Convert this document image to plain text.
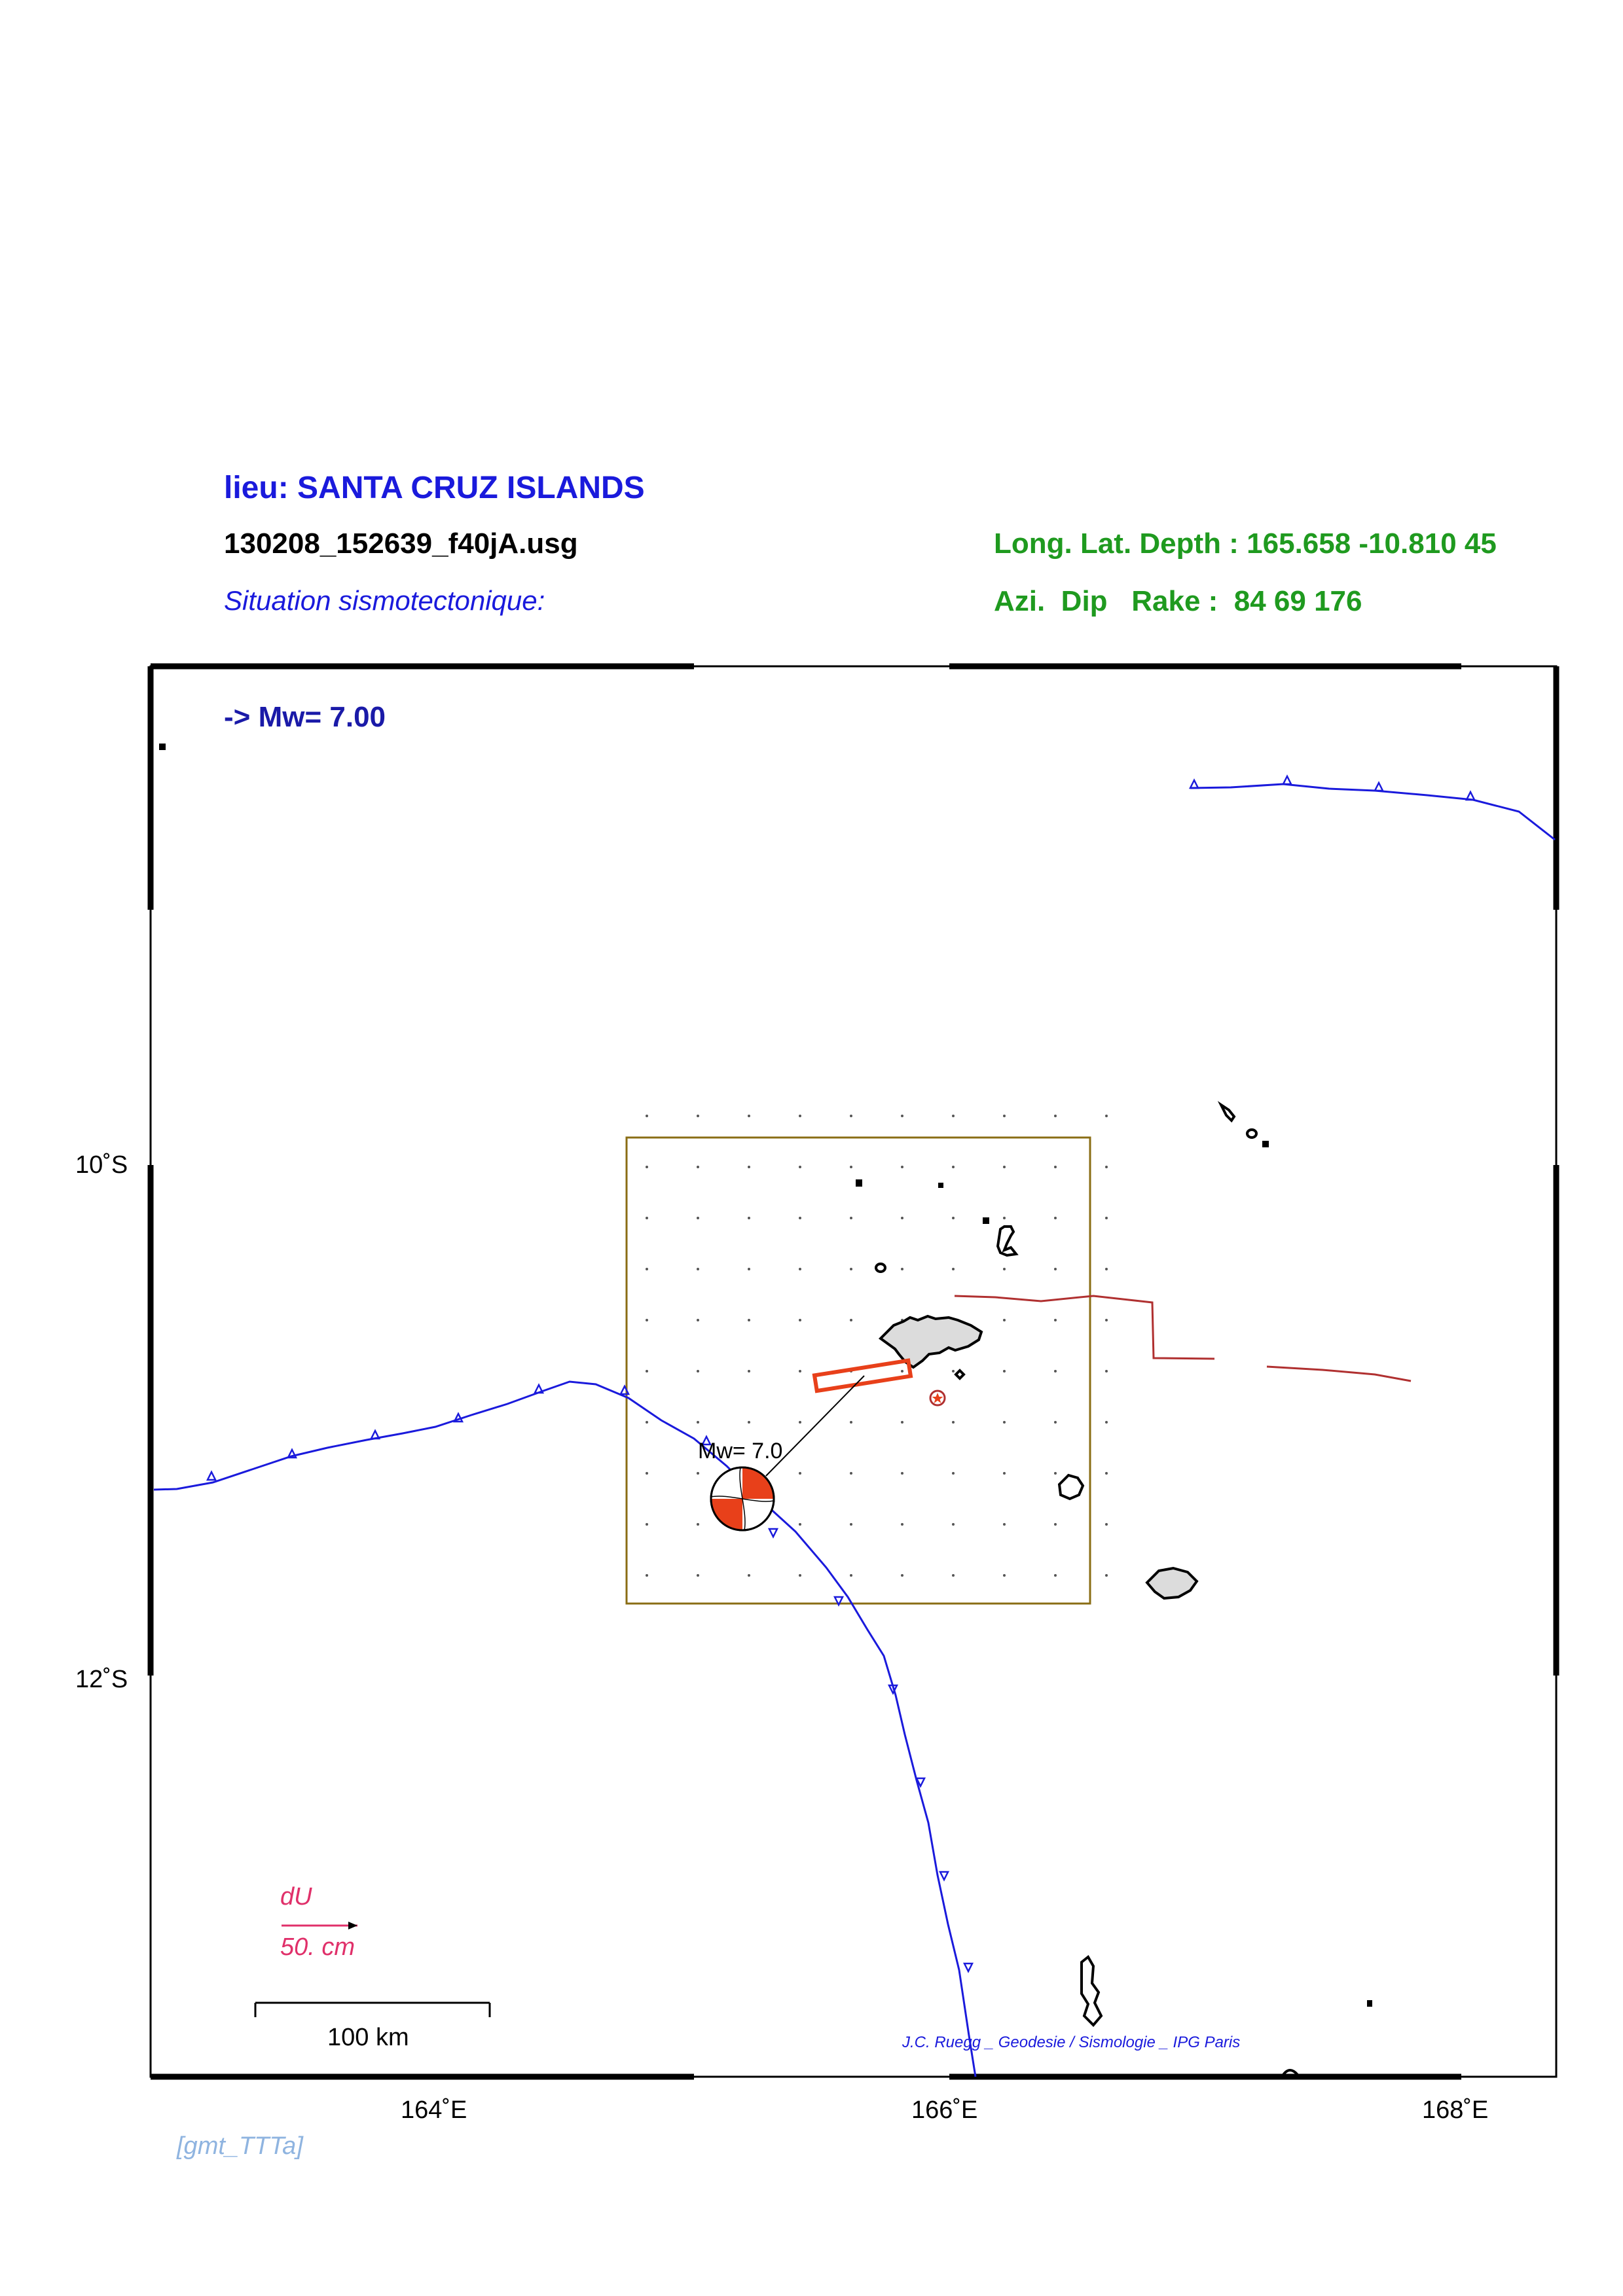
lieu: SANTA CRUZ ISLANDS
130208_152639_f40jA.usg
Situation sismotectonique:
Long. Lat. Depth : 165.658 -10.810 45
Azi.  Dip   Rake :  84 69 176
10˚S
12˚S
164˚E	166˚E	168˚E
-> Mw= 7.00
Mw= 7.0
dU
50. cm
100 km	J.C. Ruegg _ Geodesie / Sismologie _ IPG Paris
[gmt_TTTa]
